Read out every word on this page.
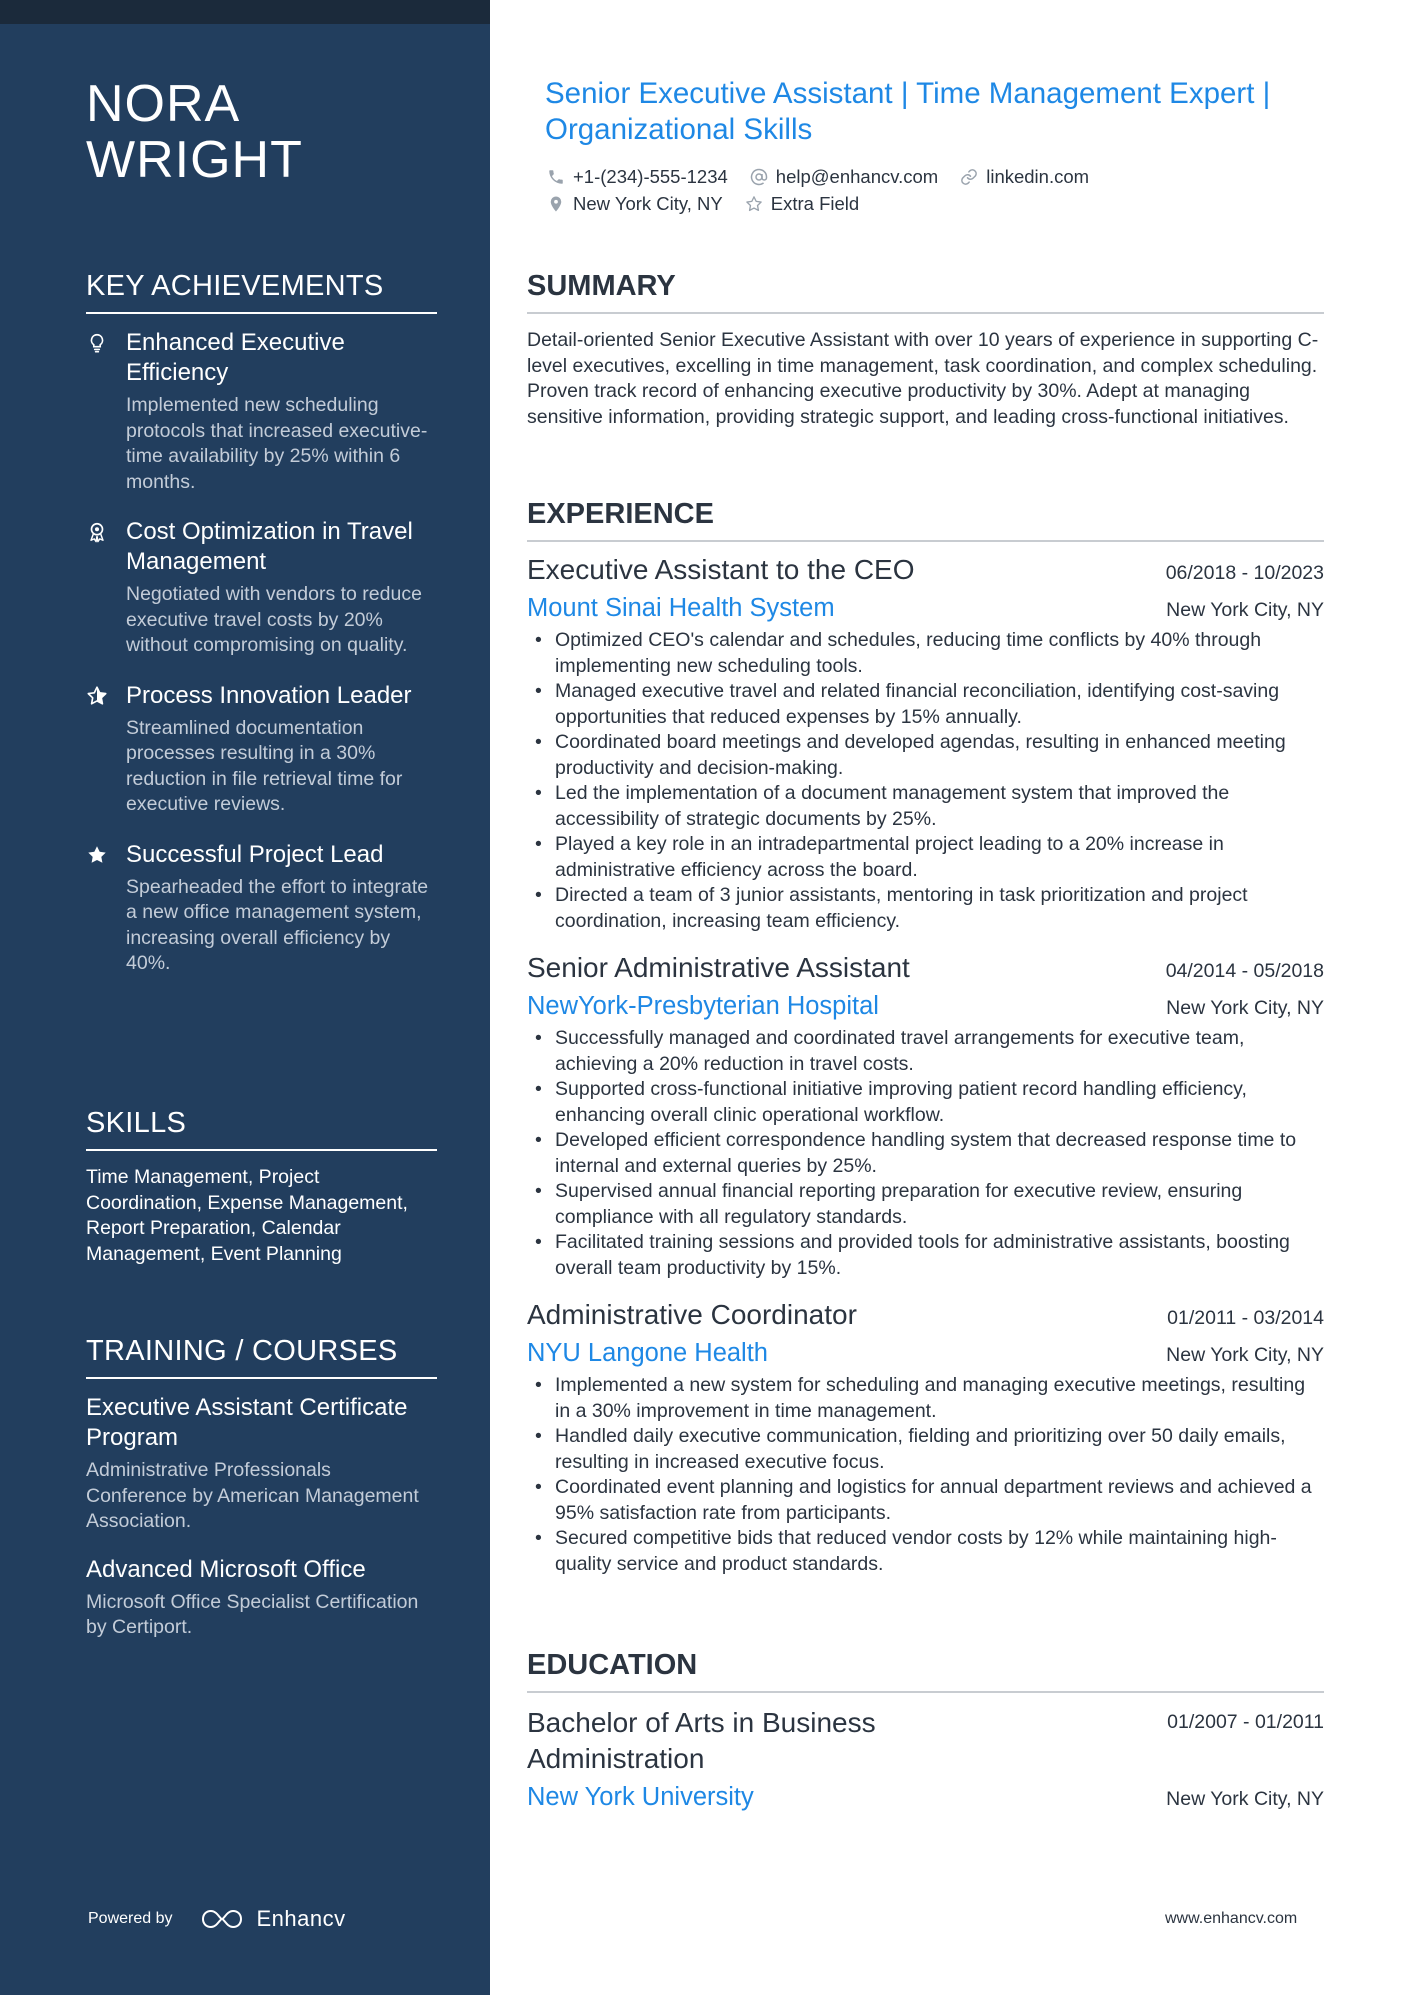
NORA WRIGHT
KEY ACHIEVEMENTS
Enhanced Executive Efficiency
Implemented new scheduling protocols that increased executive-time availability by 25% within 6 months.
Cost Optimization in Travel Management
Negotiated with vendors to reduce executive travel costs by 20% without compromising on quality.
Process Innovation Leader
Streamlined documentation processes resulting in a 30% reduction in file retrieval time for executive reviews.
Successful Project Lead
Spearheaded the effort to integrate a new office management system, increasing overall efficiency by 40%.
SKILLS
Time Management, Project Coordination, Expense Management, Report Preparation, Calendar Management, Event Planning
TRAINING / COURSES
Executive Assistant Certificate Program
Administrative Professionals Conference by American Management Association.
Advanced Microsoft Office
Microsoft Office Specialist Certification by Certiport.
Powered by	Enhancv
Senior Executive Assistant | Time Management Expert | Organizational Skills
+1-(234)-555-1234	help@enhancv.com	linkedin.com
New York City, NY	Extra Field
SUMMARY

Detail-oriented Senior Executive Assistant with over 10 years of experience in supporting C-level executives, excelling in time management, task coordination, and complex scheduling. Proven track record of enhancing executive productivity by 30%. Adept at managing sensitive information, providing strategic support, and leading cross-functional initiatives.

EXPERIENCE
Executive Assistant to the CEO	06/2018 - 10/2023
Mount Sinai Health System	New York City, NY
• Optimized CEO's calendar and schedules, reducing time conflicts by 40% through implementing new scheduling tools.
• Managed executive travel and related financial reconciliation, identifying cost-saving opportunities that reduced expenses by 15% annually.
• Coordinated board meetings and developed agendas, resulting in enhanced meeting productivity and decision-making.
• Led the implementation of a document management system that improved the accessibility of strategic documents by 25%.
• Played a key role in an intradepartmental project leading to a 20% increase in administrative efficiency across the board.
• Directed a team of 3 junior assistants, mentoring in task prioritization and project coordination, increasing team efficiency.
Senior Administrative Assistant	04/2014 - 05/2018
NewYork-Presbyterian Hospital	New York City, NY
• Successfully managed and coordinated travel arrangements for executive team, achieving a 20% reduction in travel costs.
• Supported cross-functional initiative improving patient record handling efficiency, enhancing overall clinic operational workflow.
• Developed efficient correspondence handling system that decreased response time to internal and external queries by 25%.
• Supervised annual financial reporting preparation for executive review, ensuring compliance with all regulatory standards.
• Facilitated training sessions and provided tools for administrative assistants, boosting overall team productivity by 15%.
Administrative Coordinator	01/2011 - 03/2014
NYU Langone Health	New York City, NY
• Implemented a new system for scheduling and managing executive meetings, resulting in a 30% improvement in time management.
• Handled daily executive communication, fielding and prioritizing over 50 daily emails, resulting in increased executive focus.
• Coordinated event planning and logistics for annual department reviews and achieved a 95% satisfaction rate from participants.
• Secured competitive bids that reduced vendor costs by 12% while maintaining high-quality service and product standards.
EDUCATION
Bachelor of Arts in Business Administration
01/2007 - 01/2011
New York University	New York City, NY
www.enhancv.com
